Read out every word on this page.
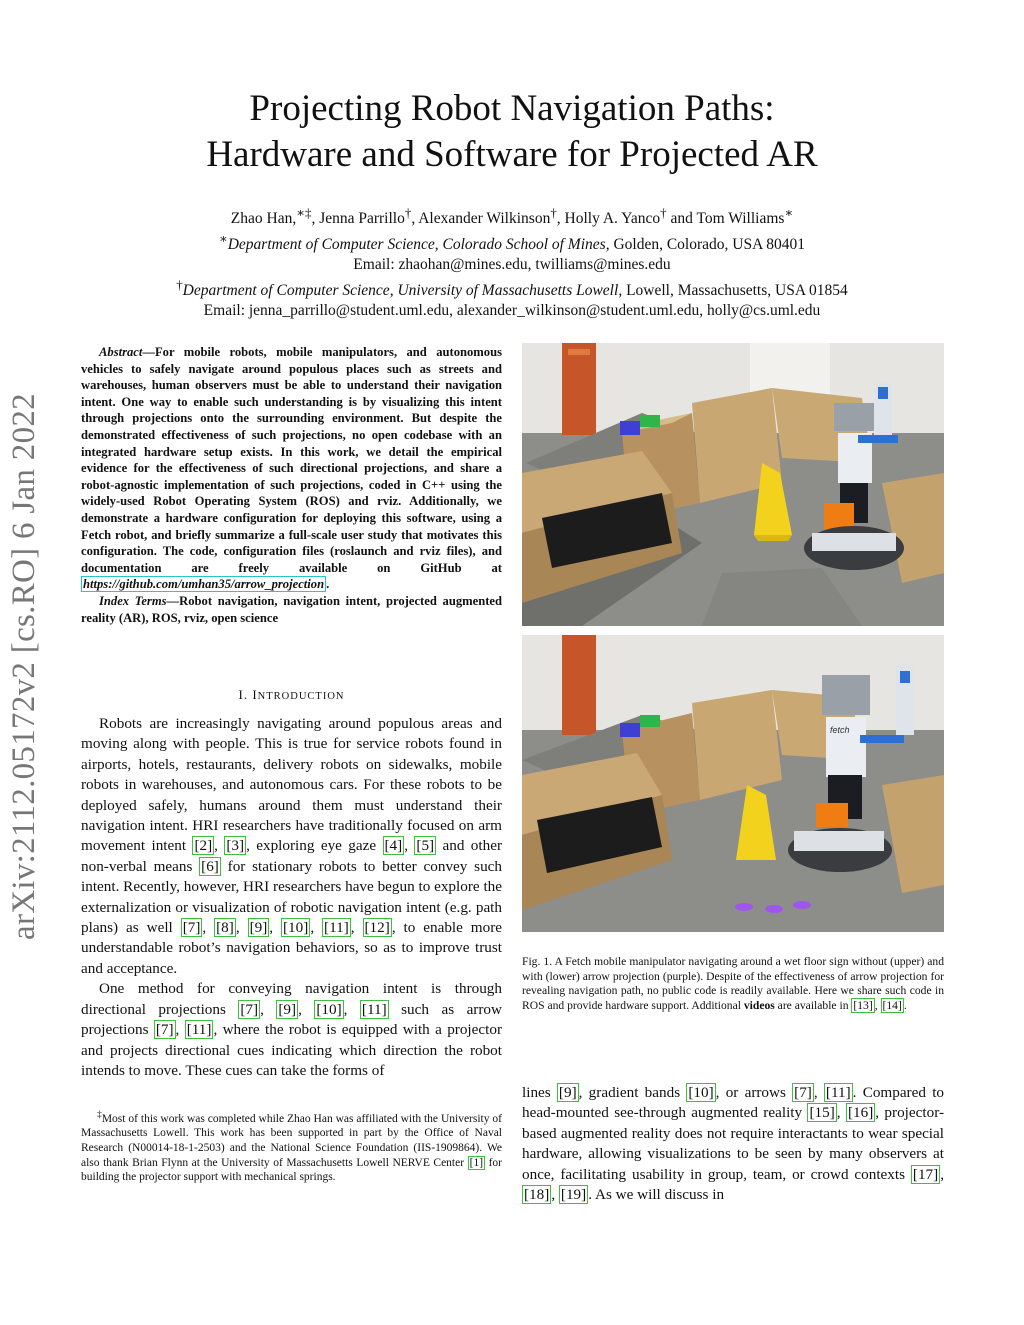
arXiv:2112.05172v2 [cs.RO] 6 Jan 2022
Projecting Robot Navigation Paths:
Hardware and Software for Projected AR
Zhao Han,∗‡, Jenna Parrillo†, Alexander Wilkinson†, Holly A. Yanco† and Tom Williams∗
∗Department of Computer Science, Colorado School of Mines, Golden, Colorado, USA 80401
Email: zhaohan@mines.edu, twilliams@mines.edu
†Department of Computer Science, University of Massachusetts Lowell, Lowell, Massachusetts, USA 01854
Email: jenna_parrillo@student.uml.edu, alexander_wilkinson@student.uml.edu, holly@cs.uml.edu
Abstract—For mobile robots, mobile manipulators, and autonomous vehicles to safely navigate around populous places such as streets and warehouses, human observers must be able to understand their navigation intent. One way to enable such understanding is by visualizing this intent through projections onto the surrounding environment. But despite the demonstrated effectiveness of such projections, no open codebase with an integrated hardware setup exists. In this work, we detail the empirical evidence for the effectiveness of such directional projections, and share a robot-agnostic implementation of such projections, coded in C++ using the widely-used Robot Operating System (ROS) and rviz. Additionally, we demonstrate a hardware configuration for deploying this software, using a Fetch robot, and briefly summarize a full-scale user study that motivates this configuration. The code, configuration files (roslaunch and rviz files), and documentation are freely available on GitHub at https://github.com/umhan35/arrow_projection .
Index Terms—Robot navigation, navigation intent, projected augmented reality (AR), ROS, rviz, open science
I. INTRODUCTION

Robots are increasingly navigating around populous areas and moving along with people. This is true for service robots found in airports, hotels, restaurants, delivery robots on sidewalks, mobile robots in warehouses, and autonomous cars. For these robots to be deployed safely, humans around them must understand their navigation intent. HRI researchers have traditionally focused on arm movement intent [2] , [3] , exploring eye gaze [4] , [5] and other non-verbal means [6] for stationary robots to better convey such intent. Recently, however, HRI researchers have begun to explore the externalization or visualization of robotic navigation intent (e.g. path plans) as well [7] , [8] , [9] , [10] , [11] , [12] , to enable more understandable robot’s navigation behaviors, so as to improve trust and acceptance.

One method for conveying navigation intent is through directional projections [7] , [9] , [10] , [11] such as arrow projections [7] , [11] , where the robot is equipped with a projector and projects directional cues indicating which direction the robot intends to move. These cues can take the forms of

‡Most of this work was completed while Zhao Han was affiliated with the University of Massachusetts Lowell. This work has been supported in part by the Office of Naval Research (N00014-18-1-2503) and the National Science Foundation (IIS-1909864). We also thank Brian Flynn at the University of Massachusetts Lowell NERVE Center [1] for building the projector support with mechanical springs.
fetch
Fig. 1. A Fetch mobile manipulator navigating around a wet floor sign without (upper) and with (lower) arrow projection (purple). Despite of the effectiveness of arrow projection for revealing navigation path, no public code is readily available. Here we share such code in ROS and provide hardware support. Additional videos are available in [13] , [14] .

lines [9] , gradient bands [10] , or arrows [7] , [11] . Compared to head-mounted see-through augmented reality [15] , [16] , projector-based augmented reality does not require interactants to wear special hardware, allowing visualizations to be seen by many observers at once, facilitating usability in group, team, or crowd contexts [17] , [18] , [19] . As we will discuss in
